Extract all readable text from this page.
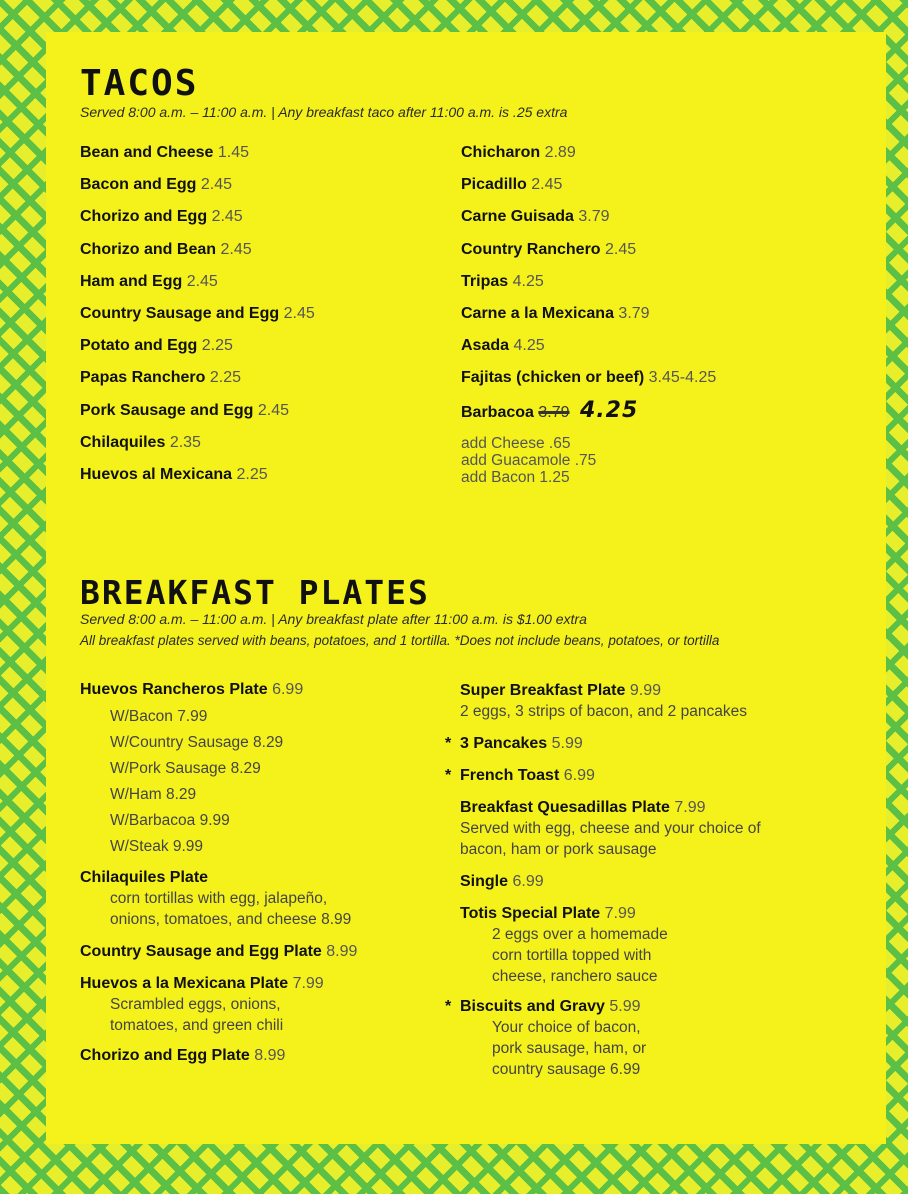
TACOS

Served 8:00 a.m. – 11:00 a.m. | Any breakfast taco after 11:00 a.m. is .25 extra

Bean and Cheese 1.45
Bacon and Egg 2.45
Chorizo and Egg 2.45
Chorizo and Bean 2.45
Ham and Egg 2.45
Country Sausage and Egg 2.45
Potato and Egg 2.25
Papas Ranchero 2.25
Pork Sausage and Egg 2.45
Chilaquiles 2.35
Huevos al Mexicana 2.25
Chicharon 2.89
Picadillo 2.45
Carne Guisada 3.79
Country Ranchero 2.45
Tripas 4.25
Carne a la Mexicana 3.79
Asada 4.25
Fajitas (chicken or beef) 3.45-4.25
Barbacoa 3.79 4.25
add Cheese .65
add Guacamole .75
add Bacon 1.25
BREAKFAST PLATES

Served 8:00 a.m. – 11:00 a.m. | Any breakfast plate after 11:00 a.m. is $1.00 extra

All breakfast plates served with beans, potatoes, and 1 tortilla. *Does not include beans, potatoes, or tortilla

Huevos Rancheros Plate 6.99
W/Bacon 7.99
W/Country Sausage 8.29
W/Pork Sausage 8.29
W/Ham 8.29
W/Barbacoa 9.99
W/Steak 9.99
Chilaquiles Plate
corn tortillas with egg, jalapeño,
onions, tomatoes, and cheese 8.99
Country Sausage and Egg Plate 8.99
Huevos a la Mexicana Plate 7.99
Scrambled eggs, onions,
tomatoes, and green chili
Chorizo and Egg Plate 8.99
Super Breakfast Plate 9.99
2 eggs, 3 strips of bacon, and 2 pancakes
* 3 Pancakes 5.99
* French Toast 6.99
Breakfast Quesadillas Plate 7.99
Served with egg, cheese and your choice of
bacon, ham or pork sausage
Single 6.99
Totis Special Plate 7.99
2 eggs over a homemade
corn tortilla topped with
cheese, ranchero sauce
* Biscuits and Gravy 5.99
Your choice of bacon,
pork sausage, ham, or
country sausage 6.99
